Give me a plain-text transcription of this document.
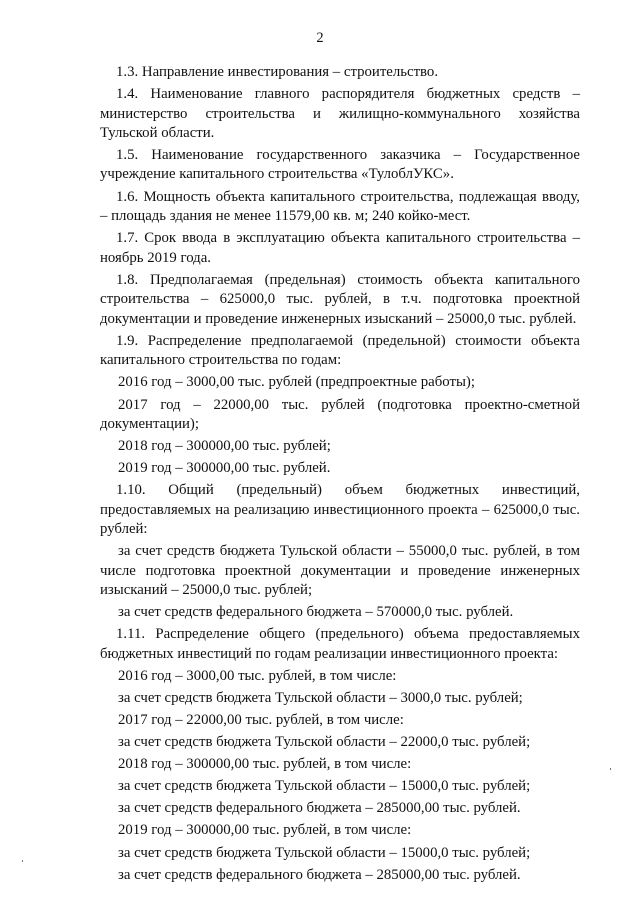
2

1.3. Направление инвестирования – строительство.

1.4. Наименование главного распорядителя бюджетных средств – министерство строительства и жилищно-коммунального хозяйства Тульской области.

1.5. Наименование государственного заказчика – Государственное учреждение капитального строительства «ТулоблУКС».

1.6. Мощность объекта капитального строительства, подлежащая вводу, – площадь здания не менее 11579,00 кв. м; 240 койко-мест.

1.7. Срок ввода в эксплуатацию объекта капитального строительства – ноябрь 2019 года.

1.8. Предполагаемая (предельная) стоимость объекта капитального строительства – 625000,0 тыс. рублей, в т.ч. подготовка проектной документации и проведение инженерных изысканий – 25000,0 тыс. рублей.

1.9. Распределение предполагаемой (предельной) стоимости объекта капитального строительства по годам:

2016 год – 3000,00 тыс. рублей (предпроектные работы);

2017 год – 22000,00 тыс. рублей (подготовка проектно-сметной документации);

2018 год – 300000,00 тыс. рублей;

2019 год – 300000,00 тыс. рублей.

1.10. Общий (предельный) объем бюджетных инвестиций, предоставляемых на реализацию инвестиционного проекта – 625000,0 тыс. рублей:

за счет средств бюджета Тульской области – 55000,0 тыс. рублей, в том числе подготовка проектной документации и проведение инженерных изысканий – 25000,0 тыс. рублей;

за счет средств федерального бюджета – 570000,0 тыс. рублей.

1.11. Распределение общего (предельного) объема предоставляемых бюджетных инвестиций по годам реализации инвестиционного проекта:

2016 год – 3000,00 тыс. рублей, в том числе:

за счет средств бюджета Тульской области – 3000,0 тыс. рублей;

2017 год – 22000,00 тыс. рублей, в том числе:

за счет средств бюджета Тульской области – 22000,0 тыс. рублей;

2018 год – 300000,00 тыс. рублей, в том числе:

за счет средств бюджета Тульской области – 15000,0 тыс. рублей;

за счет средств федерального бюджета – 285000,00 тыс. рублей.

2019 год – 300000,00 тыс. рублей, в том числе:

за счет средств бюджета Тульской области – 15000,0 тыс. рублей;

за счет средств федерального бюджета – 285000,00 тыс. рублей.
